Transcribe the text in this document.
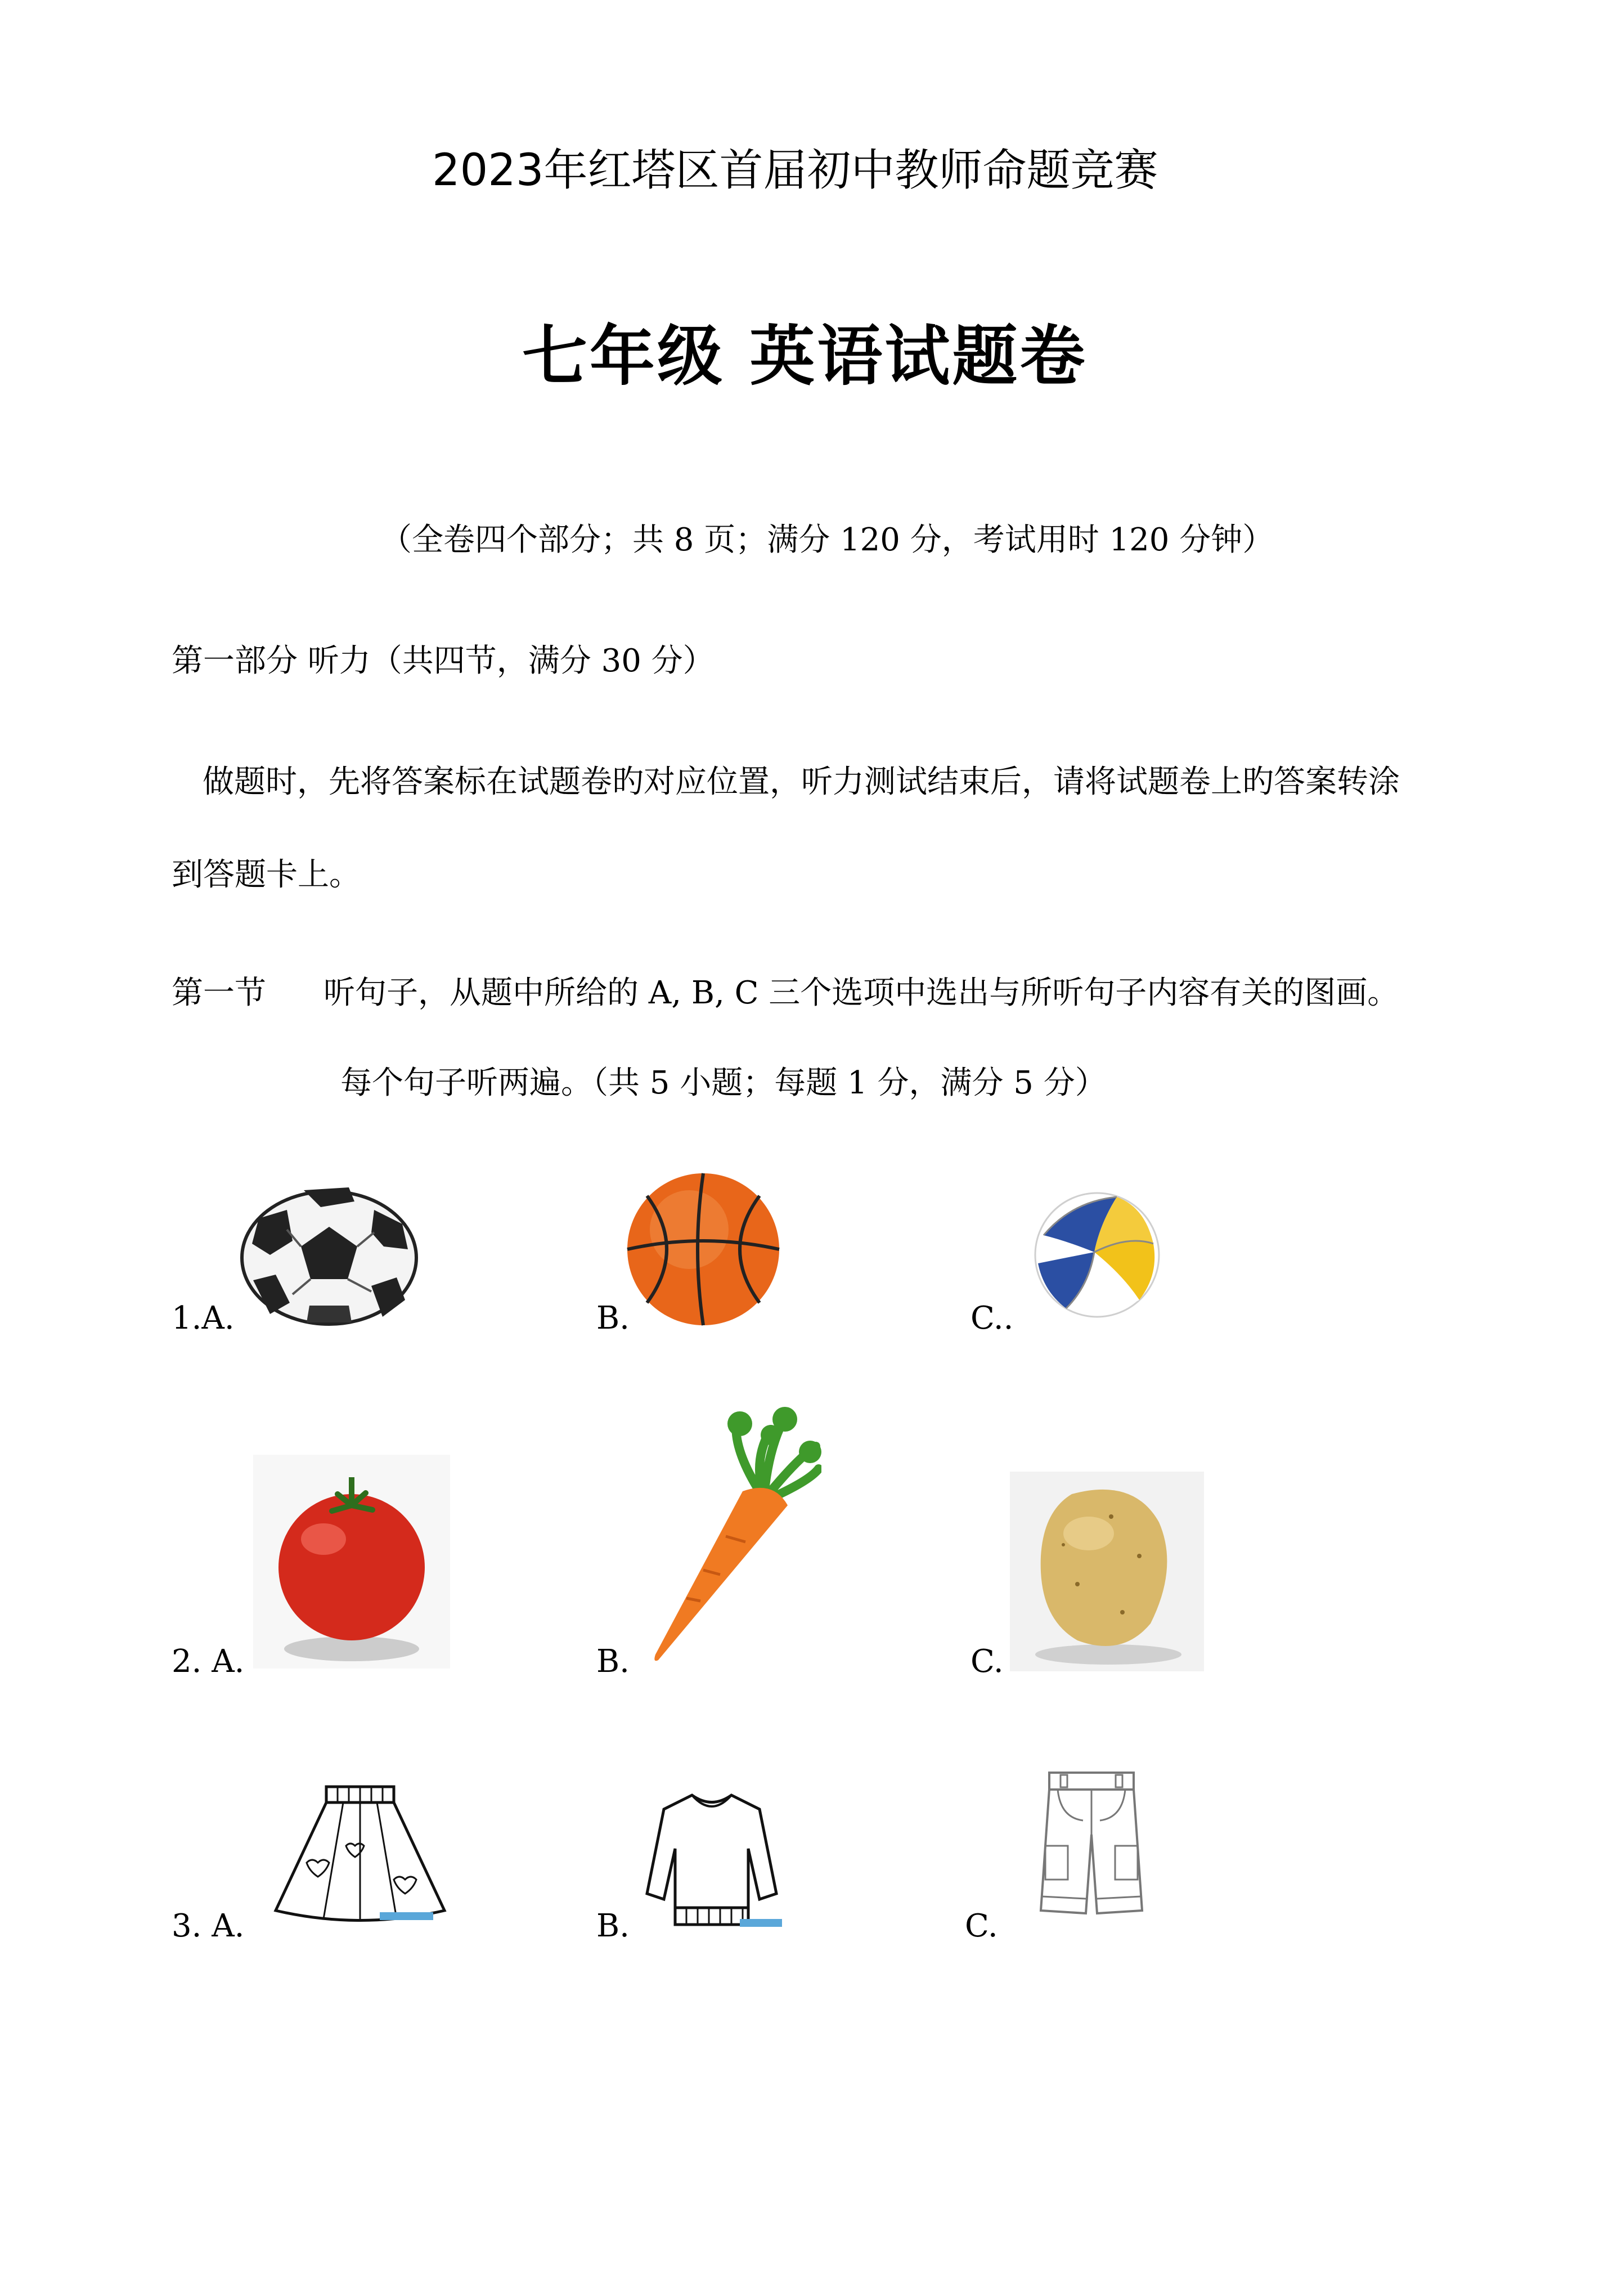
2023年红塔区首届初中教师命题竞赛
七年级 英语试题卷
（全卷四个部分；共 8 页；满分 120 分，考试用时 120 分钟）
第一部分 听力（共四节，满分 30 分）
做题时，先将答案标在试题卷旳对应位置，听力测试结束后，请将试题卷上旳答案转涂
到答题卡上。
第一节 听句子，从题中所给的 A, B, C 三个选项中选出与所听句子内容有关的图画。
每个句子听两遍。（共 5 小题；每题 1 分，满分 5 分）
1.A.	B.	C..
2. A.	B.	C.
3. A.	B.	C.
